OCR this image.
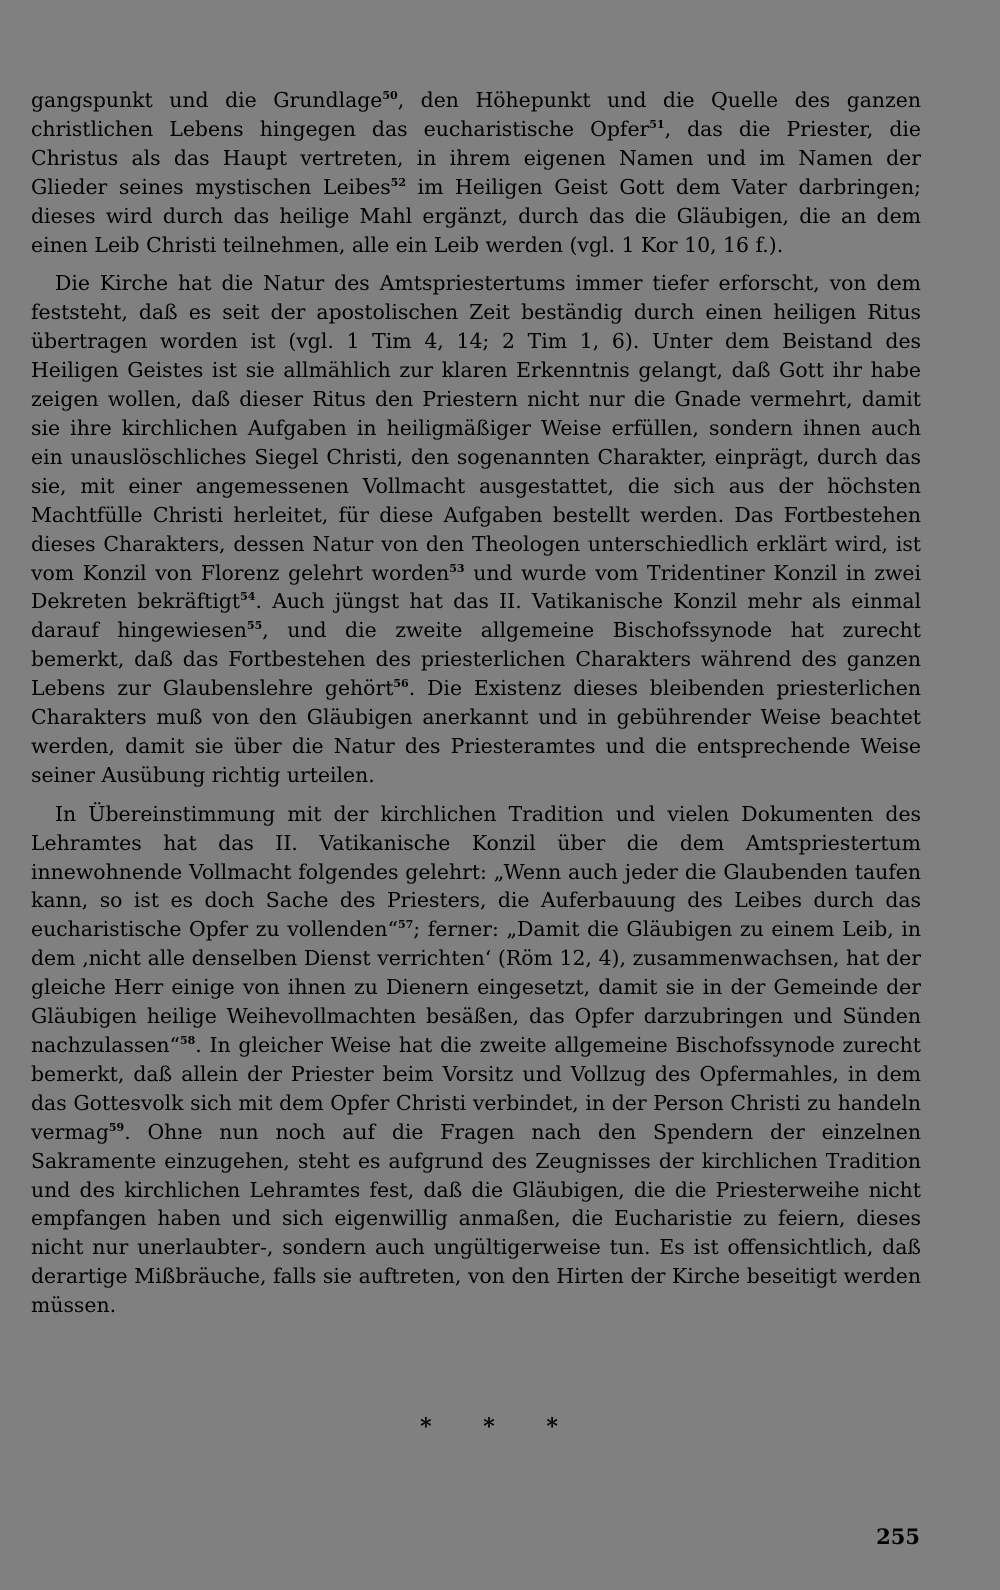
gangspunkt und die Grundlage$^{50}$, den Höhepunkt und die Quelle des ganzen christlichen Lebens hingegen das eucharistische Opfer$^{51}$, das die Priester, die Christus als das Haupt vertreten, in ihrem eigenen Namen und im Namen der Glieder seines mystischen Leibes$^{52}$ im Heiligen Geist Gott dem Vater darbringen; dieses wird durch das heilige Mahl ergänzt, durch das die Gläubigen, die an dem einen Leib Christi teilnehmen, alle ein Leib werden (vgl. 1 Kor 10, 16 f.).

Die Kirche hat die Natur des Amtspriestertums immer tiefer erforscht, von dem feststeht, daß es seit der apostolischen Zeit beständig durch einen heiligen Ritus übertragen worden ist (vgl. 1 Tim 4, 14; 2 Tim 1, 6). Unter dem Beistand des Heiligen Geistes ist sie allmählich zur klaren Erkenntnis gelangt, daß Gott ihr habe zeigen wollen, daß dieser Ritus den Priestern nicht nur die Gnade vermehrt, damit sie ihre kirchlichen Aufgaben in heiligmäßiger Weise erfüllen, sondern ihnen auch ein unauslöschliches Siegel Christi, den sogenannten Charakter, einprägt, durch das sie, mit einer angemessenen Vollmacht ausgestattet, die sich aus der höchsten Machtfülle Christi herleitet, für diese Aufgaben bestellt werden. Das Fortbestehen dieses Charakters, dessen Natur von den Theologen unterschiedlich erklärt wird, ist vom Konzil von Florenz gelehrt worden$^{53}$ und wurde vom Tridentiner Konzil in zwei Dekreten bekräftigt$^{54}$. Auch jüngst hat das II. Vatikanische Konzil mehr als einmal darauf hingewiesen$^{55}$, und die zweite allgemeine Bischofssynode hat zurecht bemerkt, daß das Fortbestehen des priesterlichen Charakters während des ganzen Lebens zur Glaubenslehre gehört$^{56}$. Die Existenz dieses bleibenden priesterlichen Charakters muß von den Gläubigen anerkannt und in gebührender Weise beachtet werden, damit sie über die Natur des Priesteramtes und die entsprechende Weise seiner Ausübung richtig urteilen.

In Übereinstimmung mit der kirchlichen Tradition und vielen Dokumenten des Lehramtes hat das II. Vatikanische Konzil über die dem Amtspriestertum innewohnende Vollmacht folgendes gelehrt: „Wenn auch jeder die Glaubenden taufen kann, so ist es doch Sache des Priesters, die Auferbauung des Leibes durch das eucharistische Opfer zu vollenden“$^{57}$; ferner: „Damit die Gläubigen zu einem Leib, in dem ‚nicht alle denselben Dienst verrichten‘ (Röm 12, 4), zusammenwachsen, hat der gleiche Herr einige von ihnen zu Dienern eingesetzt, damit sie in der Gemeinde der Gläubigen heilige Weihevollmachten besäßen, das Opfer darzubringen und Sünden nachzulassen“$^{58}$. In gleicher Weise hat die zweite allgemeine Bischofssynode zurecht bemerkt, daß allein der Priester beim Vorsitz und Vollzug des Opfermahles, in dem das Gottesvolk sich mit dem Opfer Christi verbindet, in der Person Christi zu handeln vermag$^{59}$. Ohne nun noch auf die Fragen nach den Spendern der einzelnen Sakramente einzugehen, steht es aufgrund des Zeugnisses der kirchlichen Tradition und des kirchlichen Lehramtes fest, daß die Gläubigen, die die Priesterweihe nicht empfangen haben und sich eigenwillig anmaßen, die Eucharistie zu feiern, dieses nicht nur unerlaubter-, sondern auch ungültigerweise tun. Es ist offensichtlich, daß derartige Mißbräuche, falls sie auftreten, von den Hirten der Kirche beseitigt werden müssen.

* * *
255
